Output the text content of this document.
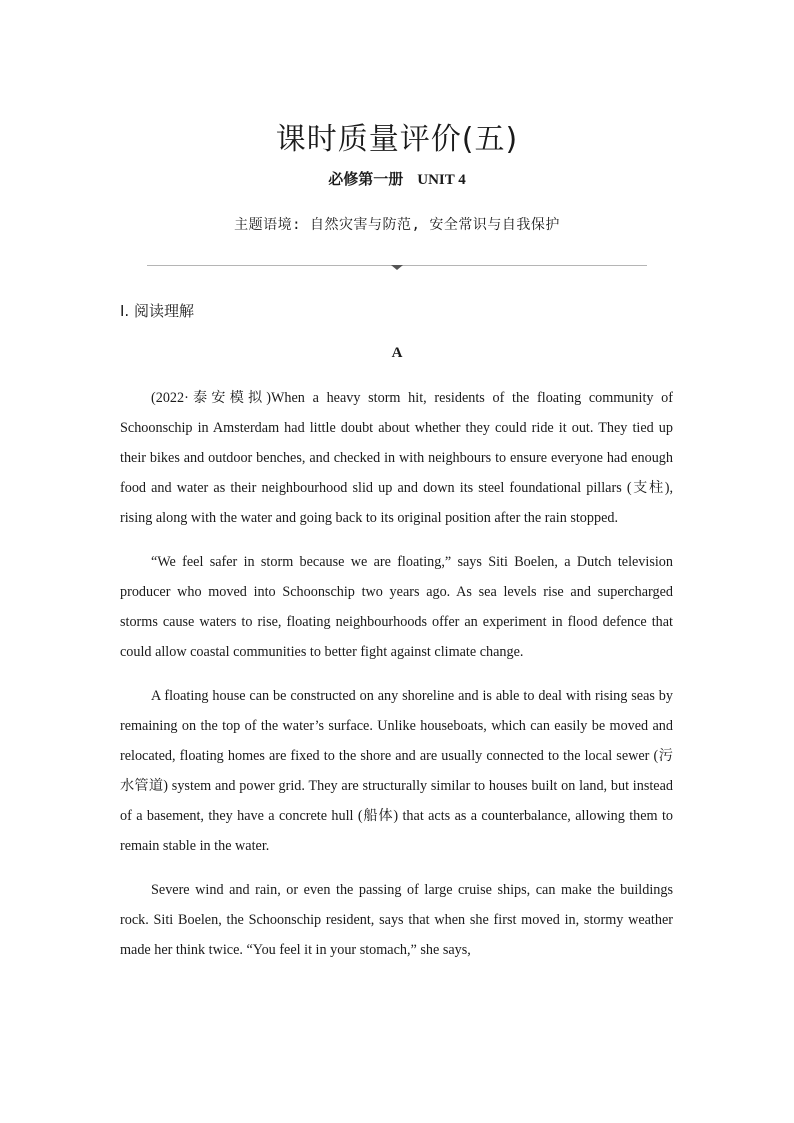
课时质量评价(五)
必修第一册 UNIT 4
主题语境: 自然灾害与防范, 安全常识与自我保护
Ⅰ. 阅读理解
A

(2022·泰安模拟)When a heavy storm hit, residents of the floating community of Schoonschip in Amsterdam had little doubt about whether they could ride it out. They tied up their bikes and outdoor benches, and checked in with neighbours to ensure everyone had enough food and water as their neighbourhood slid up and down its steel foundational pillars (支柱), rising along with the water and going back to its original position after the rain stopped.

“We feel safer in storm because we are floating,” says Siti Boelen, a Dutch television producer who moved into Schoonschip two years ago. As sea levels rise and supercharged storms cause waters to rise, floating neighbourhoods offer an experiment in flood defence that could allow coastal communities to better fight against climate change.

A floating house can be constructed on any shoreline and is able to deal with rising seas by remaining on the top of the water’s surface. Unlike houseboats, which can easily be moved and relocated, floating homes are fixed to the shore and are usually connected to the local sewer (污水管道) system and power grid. They are structurally similar to houses built on land, but instead of a basement, they have a concrete hull (船体) that acts as a counterbalance, allowing them to remain stable in the water.

Severe wind and rain, or even the passing of large cruise ships, can make the buildings rock. Siti Boelen, the Schoonschip resident, says that when she first moved in, stormy weather made her think twice. “You feel it in your stomach,” she says,
